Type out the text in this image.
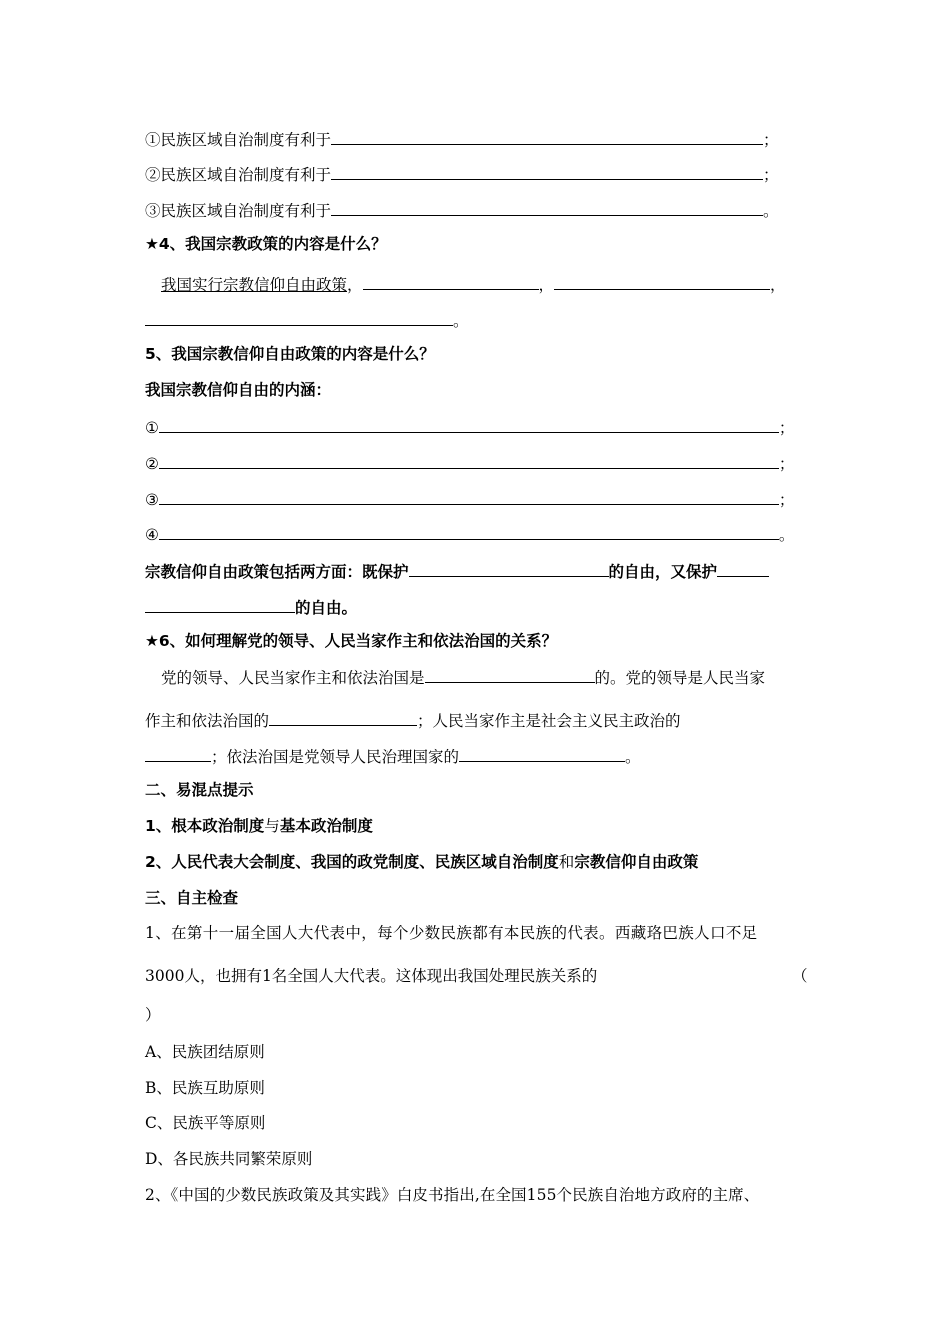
①民族区域自治制度有利于	；
②民族区域自治制度有利于	；
③民族区域自治制度有利于	。
★4、我国宗教政策的内容是什么？
我国实行宗教信仰自由政策，	，	，
。
5、我国宗教信仰自由政策的内容是什么？
我国宗教信仰自由的内涵：
①	；
②	；
③	；
④	。
宗教信仰自由政策包括两方面：既保护	的自由，又保护
的自由。
★6、如何理解党的领导、人民当家作主和依法治国的关系？
党的领导、人民当家作主和依法治国是	的。党的领导是人民当家
作主和依法治国的	；人民当家作主是社会主义民主政治的
；依法治国是党领导人民治理国家的	。
二、易混点提示
1、根本政治制度与基本政治制度
2、人民代表大会制度、我国的政党制度、民族区域自治制度和宗教信仰自由政策
三、自主检查
1、在第十一届全国人大代表中，每个少数民族都有本民族的代表。西藏珞巴族人口不足
3000人，也拥有1名全国人大代表。这体现出我国处理民族关系的	（
）
A、民族团结原则
B、民族互助原则
C、民族平等原则
D、各民族共同繁荣原则
2、《中国的少数民族政策及其实践》白皮书指出,在全国155个民族自治地方政府的主席、
